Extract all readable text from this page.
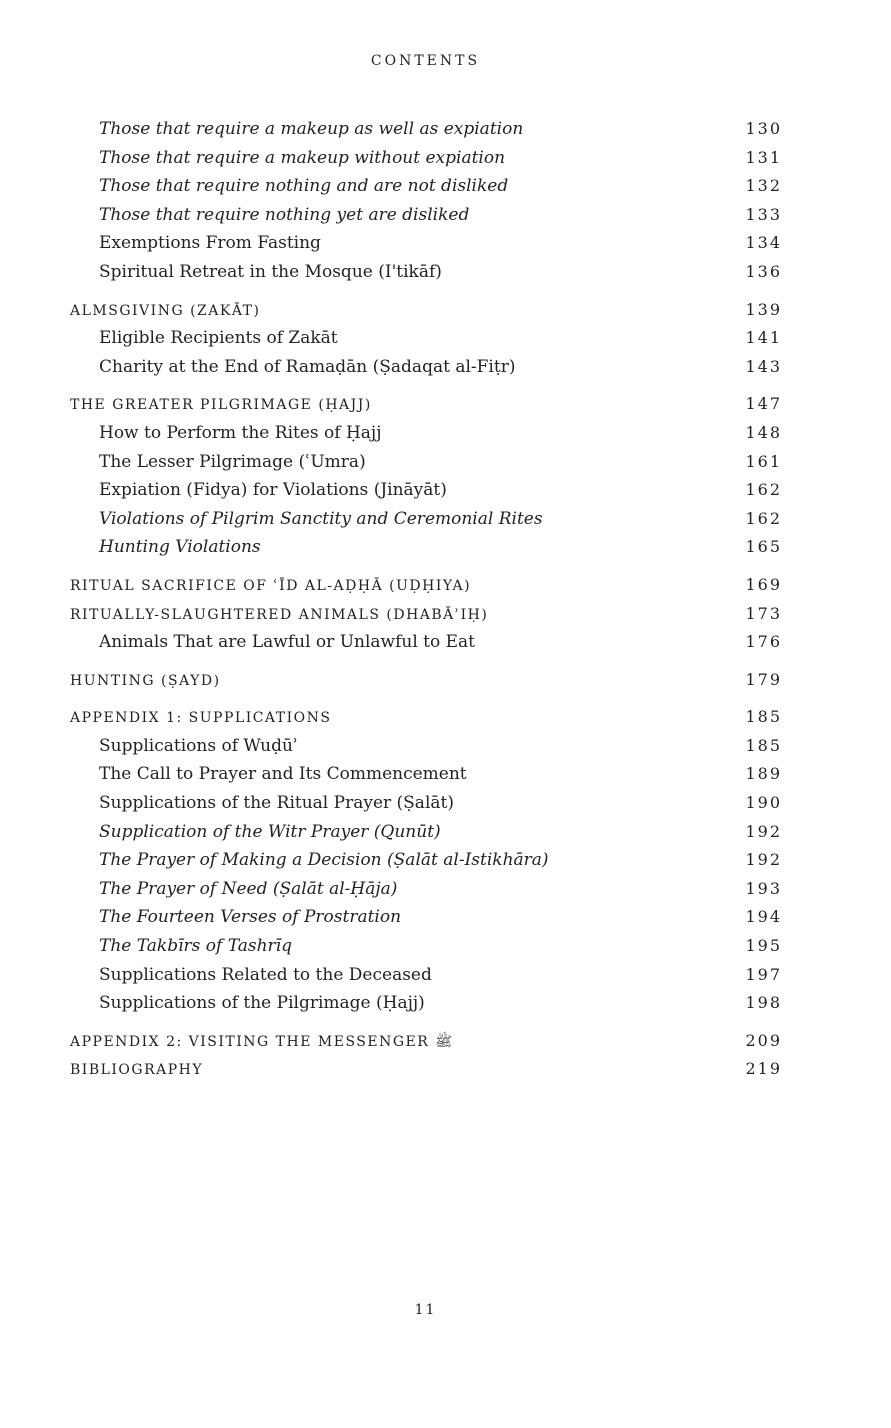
CONTENTS
Those that require a makeup as well as expiation	130
Those that require a makeup without expiation	131
Those that require nothing and are not disliked	132
Those that require nothing yet are disliked	133
Exemptions From Fasting	134
Spiritual Retreat in the Mosque (I'tikāf)	136
ALMSGIVING (ZAKĀT)	139
Eligible Recipients of Zakāt	141
Charity at the End of Ramaḍān (Ṣadaqat al-Fiṭr)	143
THE GREATER PILGRIMAGE (ḤAJJ)	147
How to Perform the Rites of Ḥajj	148
The Lesser Pilgrimage (ʿUmra)	161
Expiation (Fidya) for Violations (Jināyāt)	162
Violations of Pilgrim Sanctity and Ceremonial Rites	162
Hunting Violations	165
RITUAL SACRIFICE OF ʿĪD AL-AḌḤĀ (UḌḤIYA)	169
RITUALLY-SLAUGHTERED ANIMALS (DHABĀʾIḤ)	173
Animals That are Lawful or Unlawful to Eat	176
HUNTING (ṢAYD)	179
APPENDIX 1: SUPPLICATIONS	185
Supplications of Wuḍūʾ	185
The Call to Prayer and Its Commencement	189
Supplications of the Ritual Prayer (Ṣalāt)	190
Supplication of the Witr Prayer (Qunūt)	192
The Prayer of Making a Decision (Ṣalāt al-Istikhāra)	192
The Prayer of Need (Ṣalāt al-Ḥāja)	193
The Fourteen Verses of Prostration	194
The Takbīrs of Tashrīq	195
Supplications Related to the Deceased	197
Supplications of the Pilgrimage (Ḥajj)	198
APPENDIX 2: VISITING THE MESSENGER ﷺ	209
BIBLIOGRAPHY	219
11
